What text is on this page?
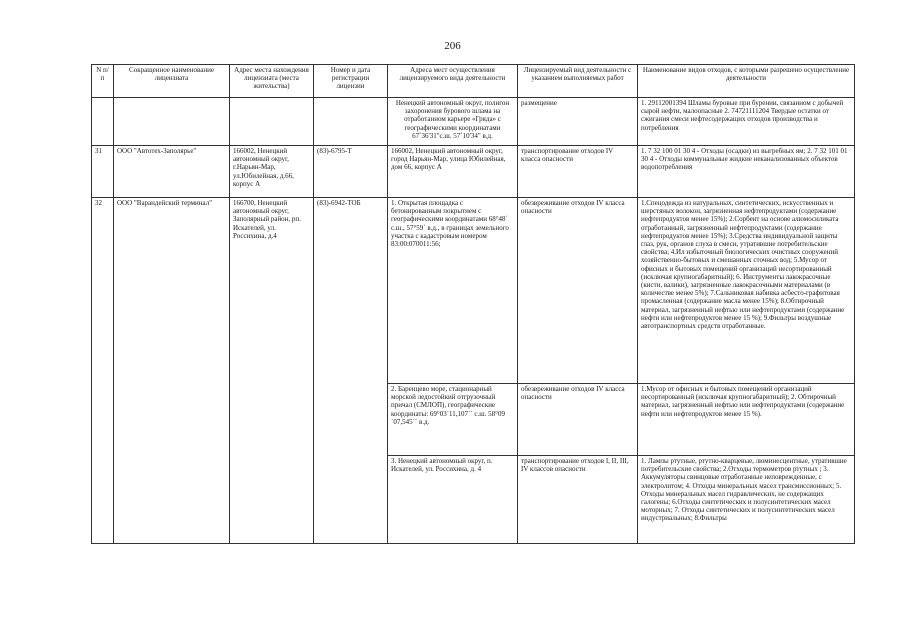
206
N п/п	Сокращенное наименование лицензиата	Адрес места нахождения лицензиата (места жительства)	Номер и дата регистрации лицензии	Адреса мест осуществления лицензируемого вида деятельности	Лицензируемый вид деятельности с указанием выполняемых работ	Наименование видов отходов, с которыми разрешено осуществление деятельности
				Ненецкий автономный округ, полигон захоронения бурового шлама на отработанном карьере «Гряда» с географическими координатами 67˚36'31"с.ш. 57˚10'34" в.д.	размещение	1. 29112001394 Шламы буровые при бурении, связанном с добычей сырой нефти, малоопасные 2. 74721111204 Твердые остатки от сжигания смеси нефтесодержащих отходов производства и потребления
31	ООО "Автотех-Заполярье"	166002, Ненецкий автономный округ, г.Нарьян-Мар, ул.Юбилейная, д.66, корпус А	(83)-6795-Т	166002, Ненецкий автономный округ, город Нарьян-Мар, улица Юбилейная, дом 66, корпус А	транспортирование отходов IV класса опасности	1. 7 32 100 01 30 4 - Отходы (осадки) из выгребных ям; 2. 7 32 101 01 30 4 - Отходы коммунальные жидкие неканализованных объектов водопотребления
32	ООО "Варандейский терминал"	166700, Ненецкий автономный округ, Заполярный район, рп. Искателей, ул. Россихина, д.4	(83)-6942-ТОБ	1. Открытая площадка с бетонированным покрытием с географическими координатами 68°48΄ с.ш., 57°59΄ в.д., в границах земельного участка с кадастровым номером 83:00:070011:56;	обезвреживание отходов IV класса опасности	1.Спецодежда из натуральных, синтетических, искусственных и шерстяных волокон, загрязненная нефтепродуктами (содержание нефтепродуктов менее 15%); 2.Сорбент на основе алюмосиликата отработанный, загрязненный нефтепродуктами (содержание нефтепродуктов менее 15%); 3.Средства индивидуальной защиты глаз, рук, органов слуха в смеси, утратившие потребительские свойства; 4.Ил избыточный биологических очистных сооружений хозяйственно-бытовых и смешанных сточных вод; 5.Мусор от офисных и бытовых помещений организаций несортированный (исключая крупногабаритный); 6. Инструменты лакокрасочные (кисти, валики), загрязненные лакокрасочными материалами (в количестве менее 5%); 7.Сальниковая набивка асбесто-графитовая промасленная (содержание масла менее 15%); 8.Обтирочный материал, загрязненный нефтью или нефтепродуктами (содержание нефти или нефтепродуктов менее 15 %); 9.Фильтры воздушные автотранспортных средств отработанные.
				2. Баренцево море, стационарный морской ледостойкий отгрузочный причал (СМЛОП), географические координаты: 69°03´11,107´´ с.ш. 58°09´07,545´´ в.д.	обезвреживание отходов IV класса опасности	1.Мусор от офисных и бытовых помещений организаций несортированный (исключая крупногабаритный); 2. Обтирочный материал, загрязненный нефтью или нефтепродуктами (содержание нефти или нефтепродуктов менее 15 %).
				3. Ненецкий автономный округ, п. Искателей, ул. Россихина, д. 4	транспортирование отходов I, II, III, IV классов опасности	1. Лампы ртутные, ртутно-кварцевые, люминесцентные, утратившие потребительские свойства; 2.Отходы термометров ртутных ; 3. Аккумуляторы свинцовые отработанные неповрежденные, с электролитом; 4. Отходы минеральных масел трансмиссионных; 5. Отходы минеральных масел гидравлических, не содержащих галогены; 6.Отходы синтетических и полусинтетических масел моторных; 7. Отходы синтетических и полусинтетических масел индустриальных; 8.Фильтры
